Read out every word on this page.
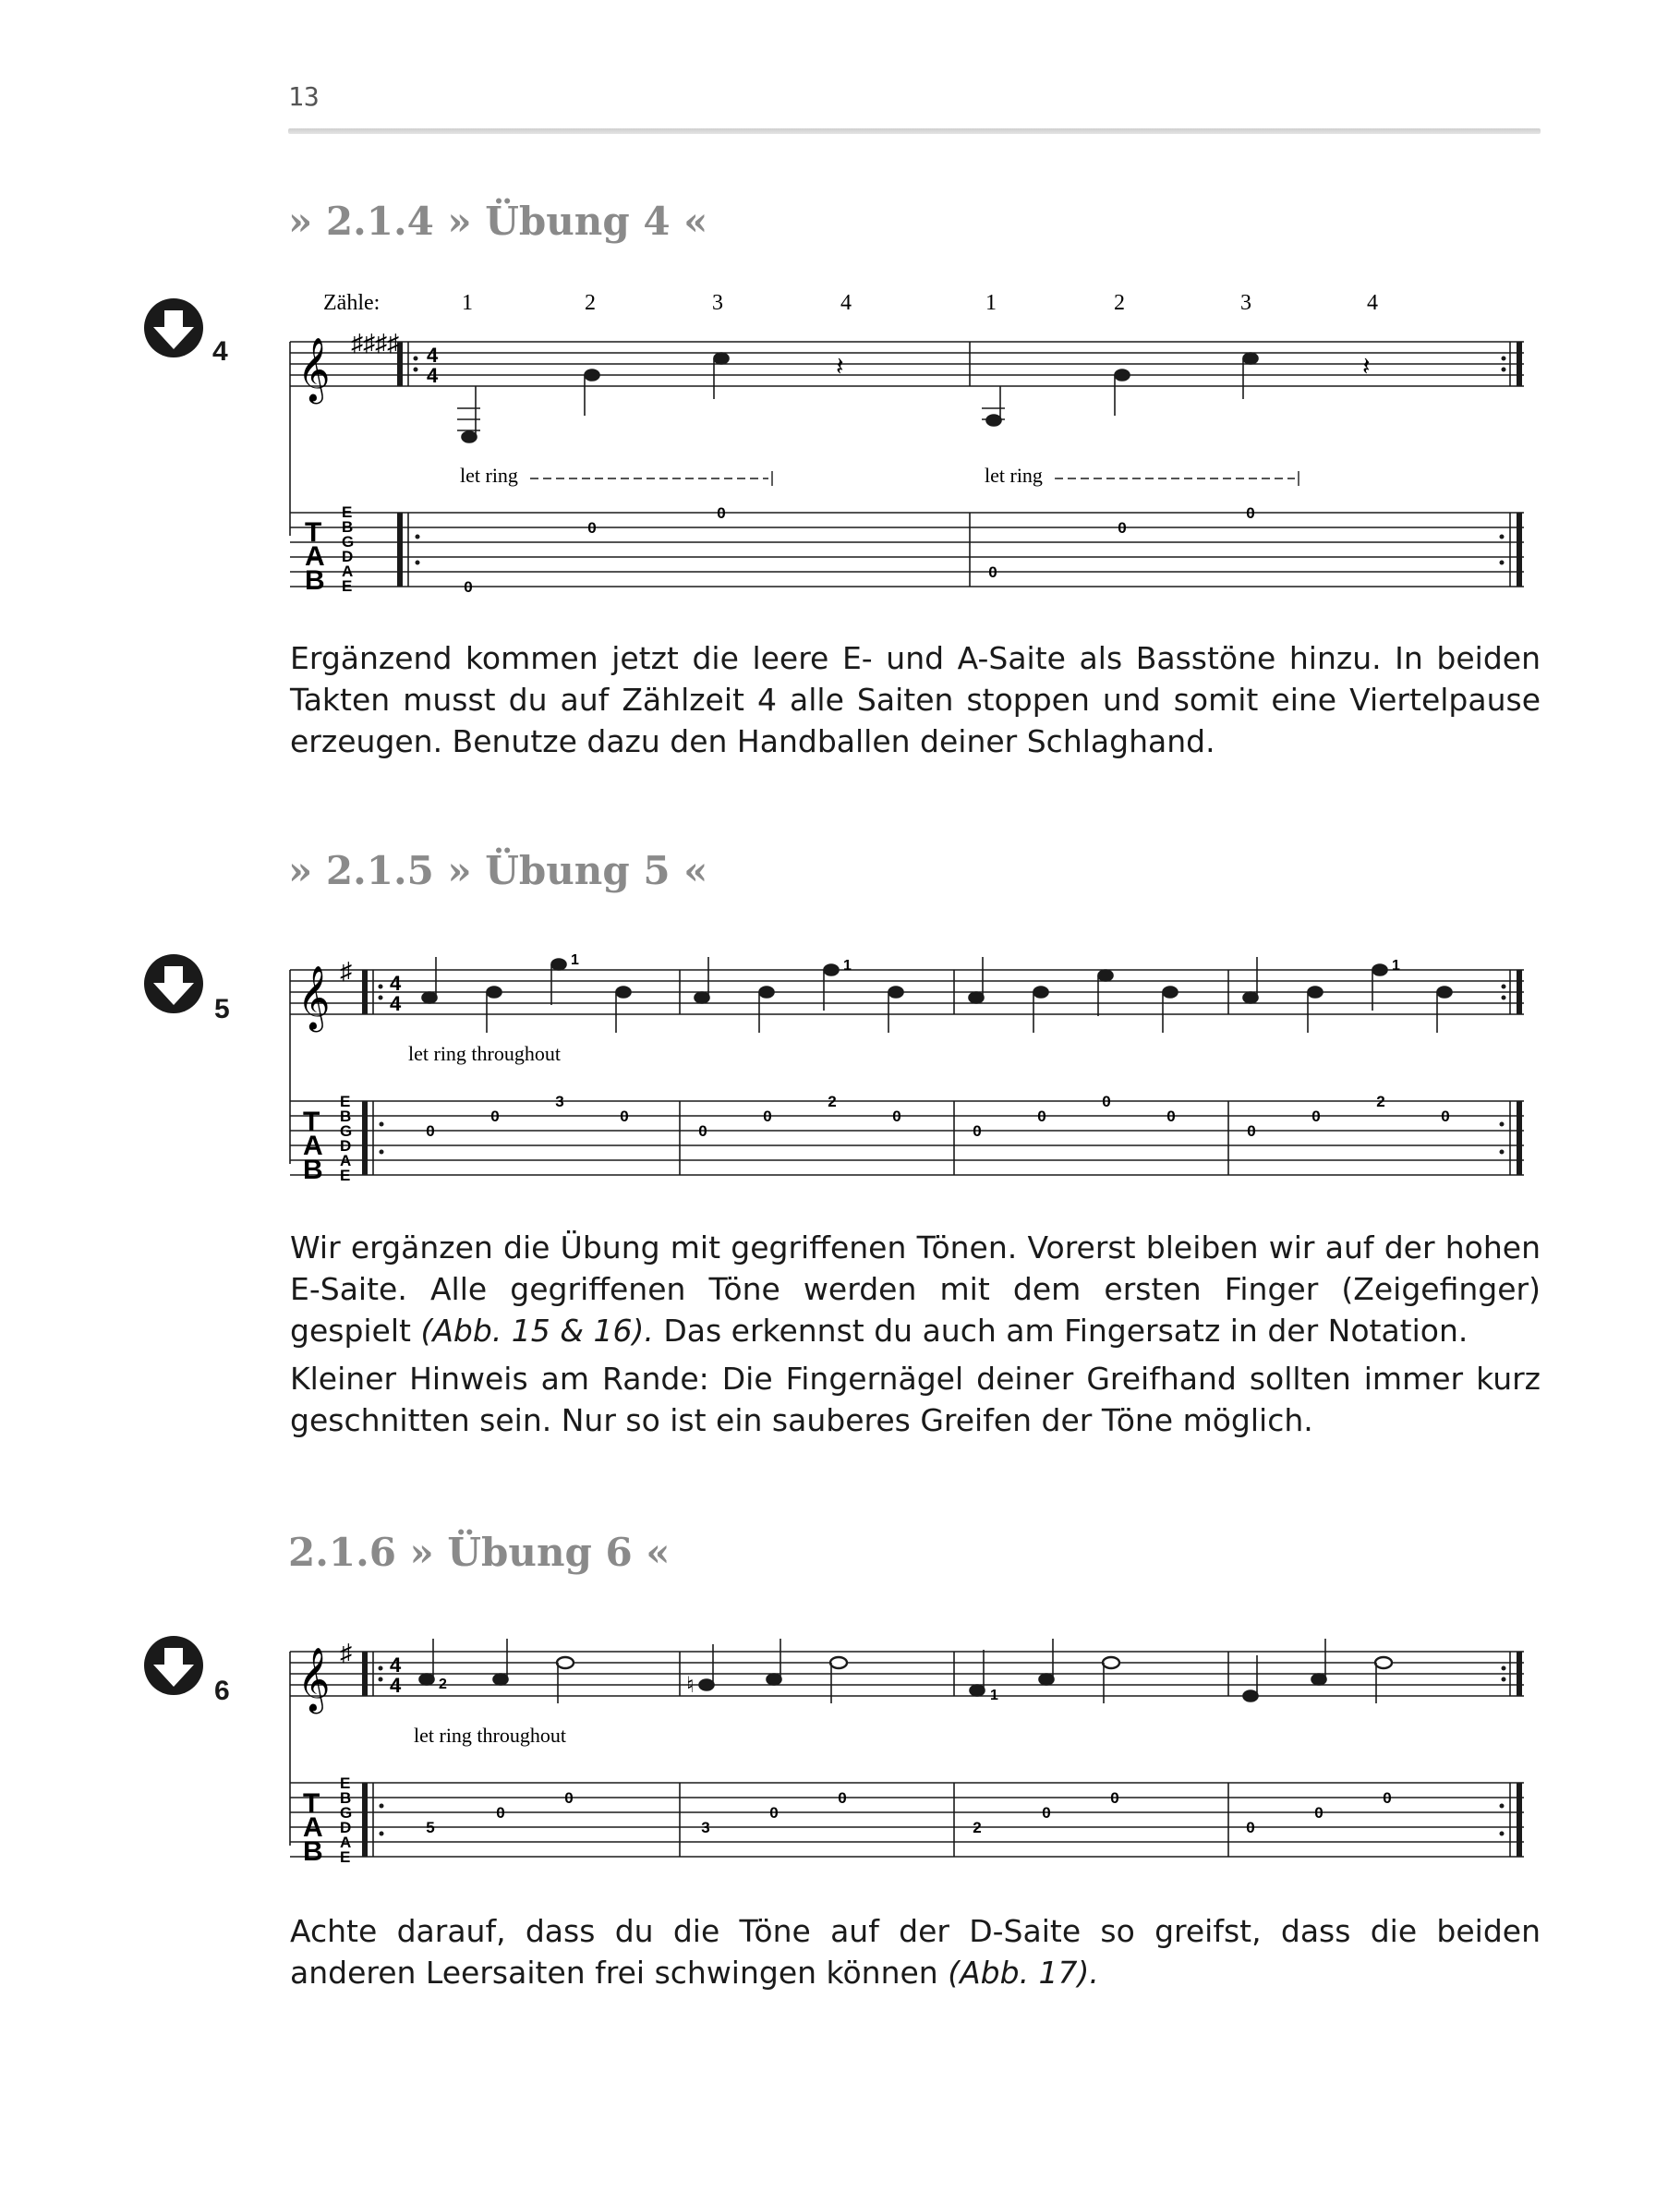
13
» 2.1.4 » Übung 4 «
4
Zähle:	1	2	3	4	1	2	3	4
𝄞 ♯♯♯♯ 4
4	𝄽	𝄽
let ring	let ring
T
A
B
E
B
G
D
A
E	0
0
0
0
0
0
Ergänzend kommen jetzt die leere E- und A-Saite als Basstöne hinzu. In beiden Takten musst du auf Zählzeit 4 alle Saiten stoppen und somit eine Viertelpause erzeugen. Benutze dazu den Handballen deiner Schlaghand.
» 2.1.5 » Übung 5 «
5 𝄞 ♯ 4
4
1	1	1
let ring throughout
T
A
B
E
B
G
D
A
E
0
0
3
0
0
0
2
0
0
0
0
0
0
0
2
0
Wir ergänzen die Übung mit gegriffenen Tönen. Vorerst bleiben wir auf der hohen E-Saite. Alle gegriffenen Töne werden mit dem ersten Finger (Zeigefinger) gespielt (Abb. 15 & 16). Das erkennst du auch am Fingersatz in der Notation.
Kleiner Hinweis am Rande: Die Fingernägel deiner Greifhand sollten immer kurz geschnitten sein. Nur so ist ein sauberes Greifen der Töne möglich.
2.1.6 » Übung 6 «
6 𝄞 ♯ 4
4	♮
2
1
let ring throughout
T
A
B
E
B
G
D
A
E
5
0
0
3
0
0
2
0
0
0
0
0
Achte darauf, dass du die Töne auf der D-Saite so greifst, dass die beiden anderen Leersaiten frei schwingen können (Abb. 17).
